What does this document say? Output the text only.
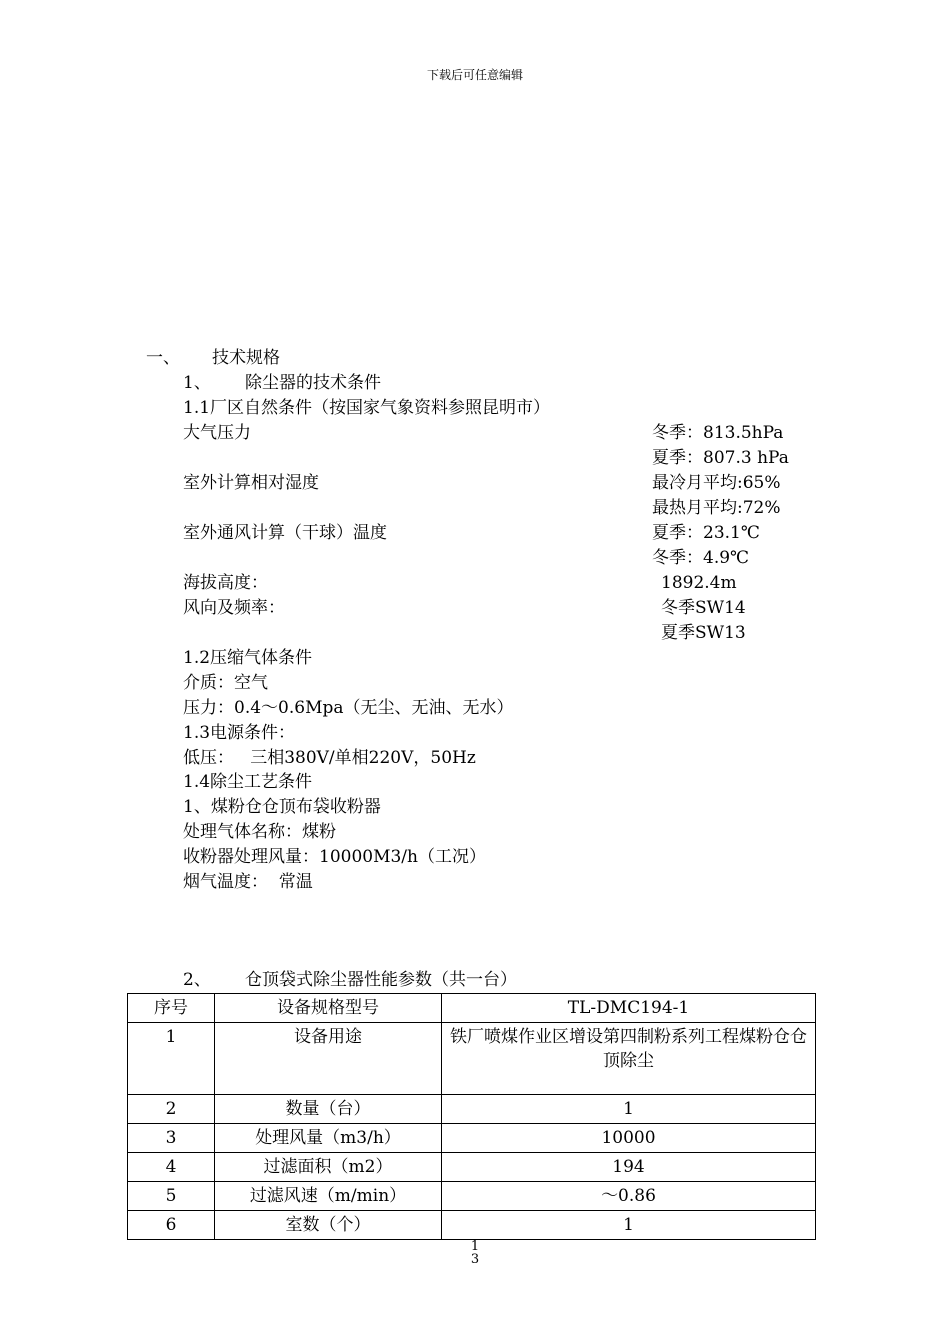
下载后可任意编辑
一、 技术规格
1、 除尘器的技术条件
1.1厂区自然条件（按国家气象资料参照昆明市）
大气压力	冬季：813.5hPa
夏季：807.3 hPa
室外计算相对湿度	最冷月平均:65%
最热月平均:72%
室外通风计算（干球）温度	夏季：23.1℃
冬季：4.9℃
海拔高度：	1892.4m
风向及频率：	冬季SW14
夏季SW13
1.2压缩气体条件
介质：空气
压力：0.4～0.6Mpa（无尘、无油、无水）
1.3电源条件：
低压：   三相380V/单相220V，50Hz
1.4除尘工艺条件
1、煤粉仓仓顶布袋收粉器
处理气体名称：煤粉
收粉器处理风量：10000M3/h（工况）
烟气温度：  常温
2、 仓顶袋式除尘器性能参数（共一台）
序号	设备规格型号	TL-DMC194-1
1	设备用途	铁厂喷煤作业区增设第四制粉系列工程煤粉仓仓顶除尘
2	数量（台）	1
3	处理风量（m3/h）	10000
4	过滤面积（m2）	194
5	过滤风速（m/min）	～0.86
6	室数（个）	1
1
3
